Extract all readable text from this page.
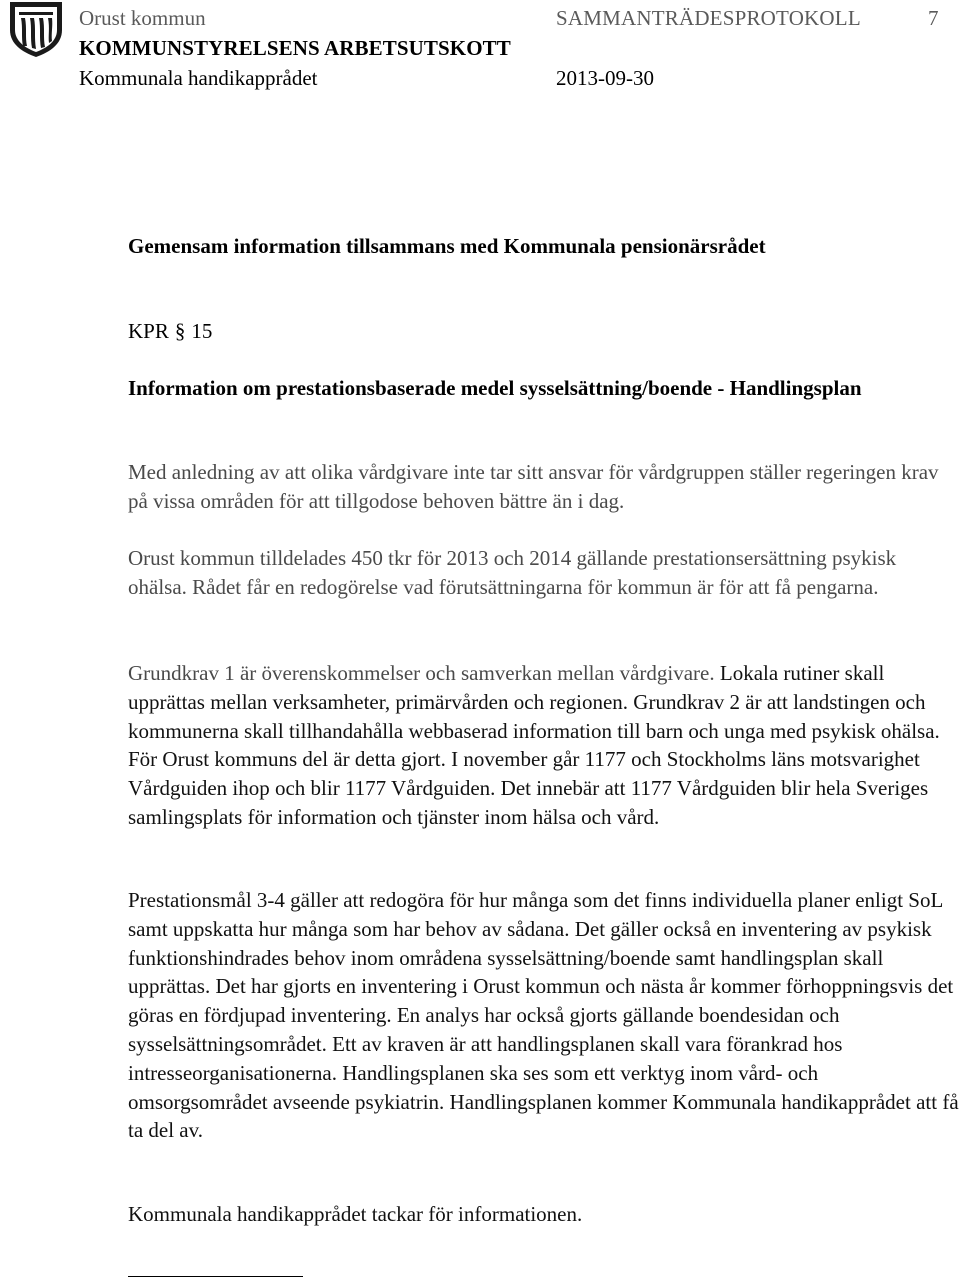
Orust kommun	SAMMANTRÄDESPROTOKOLL	7
KOMMUNSTYRELSENS ARBETSUTSKOTT
Kommunala handikapprådet	2013-09-30
Gemensam information tillsammans med Kommunala pensionärsrådet
KPR § 15
Information om prestationsbaserade medel sysselsättning/boende - Handlingsplan

Med anledning av att olika vårdgivare inte tar sitt ansvar för vårdgruppen ställer regeringen krav på vissa områden för att tillgodose behoven bättre än i dag.

Orust kommun tilldelades 450 tkr för 2013 och 2014 gällande prestationsersättning psykisk ohälsa. Rådet får en redogörelse vad förutsättningarna för kommun är för att få pengarna.

Grundkrav 1 är överenskommelser och samverkan mellan vårdgivare. Lokala rutiner skall upprättas mellan verksamheter, primärvården och regionen. Grundkrav 2 är att landstingen och kommunerna skall tillhandahålla webbaserad information till barn och unga med psykisk ohälsa. För Orust kommuns del är detta gjort. I november går 1177 och Stockholms läns motsvarighet Vårdguiden ihop och blir 1177 Vårdguiden. Det innebär att 1177 Vårdguiden blir hela Sveriges samlingsplats för information och tjänster inom hälsa och vård.

Prestationsmål 3-4 gäller att redogöra för hur många som det finns individuella planer enligt SoL samt uppskatta hur många som har behov av sådana. Det gäller också en inventering av psykisk funktionshindrades behov inom områdena sysselsättning/boende samt handlingsplan skall upprättas. Det har gjorts en inventering i Orust kommun och nästa år kommer förhoppningsvis det göras en fördjupad inventering. En analys har också gjorts gällande boendesidan och sysselsättningsområdet. Ett av kraven är att handlingsplanen skall vara förankrad hos intresseorganisationerna. Handlingsplanen ska ses som ett verktyg inom vård- och omsorgsområdet avseende psykiatrin. Handlingsplanen kommer Kommunala handikapprådet att få ta del av.

Kommunala handikapprådet tackar för informationen.
